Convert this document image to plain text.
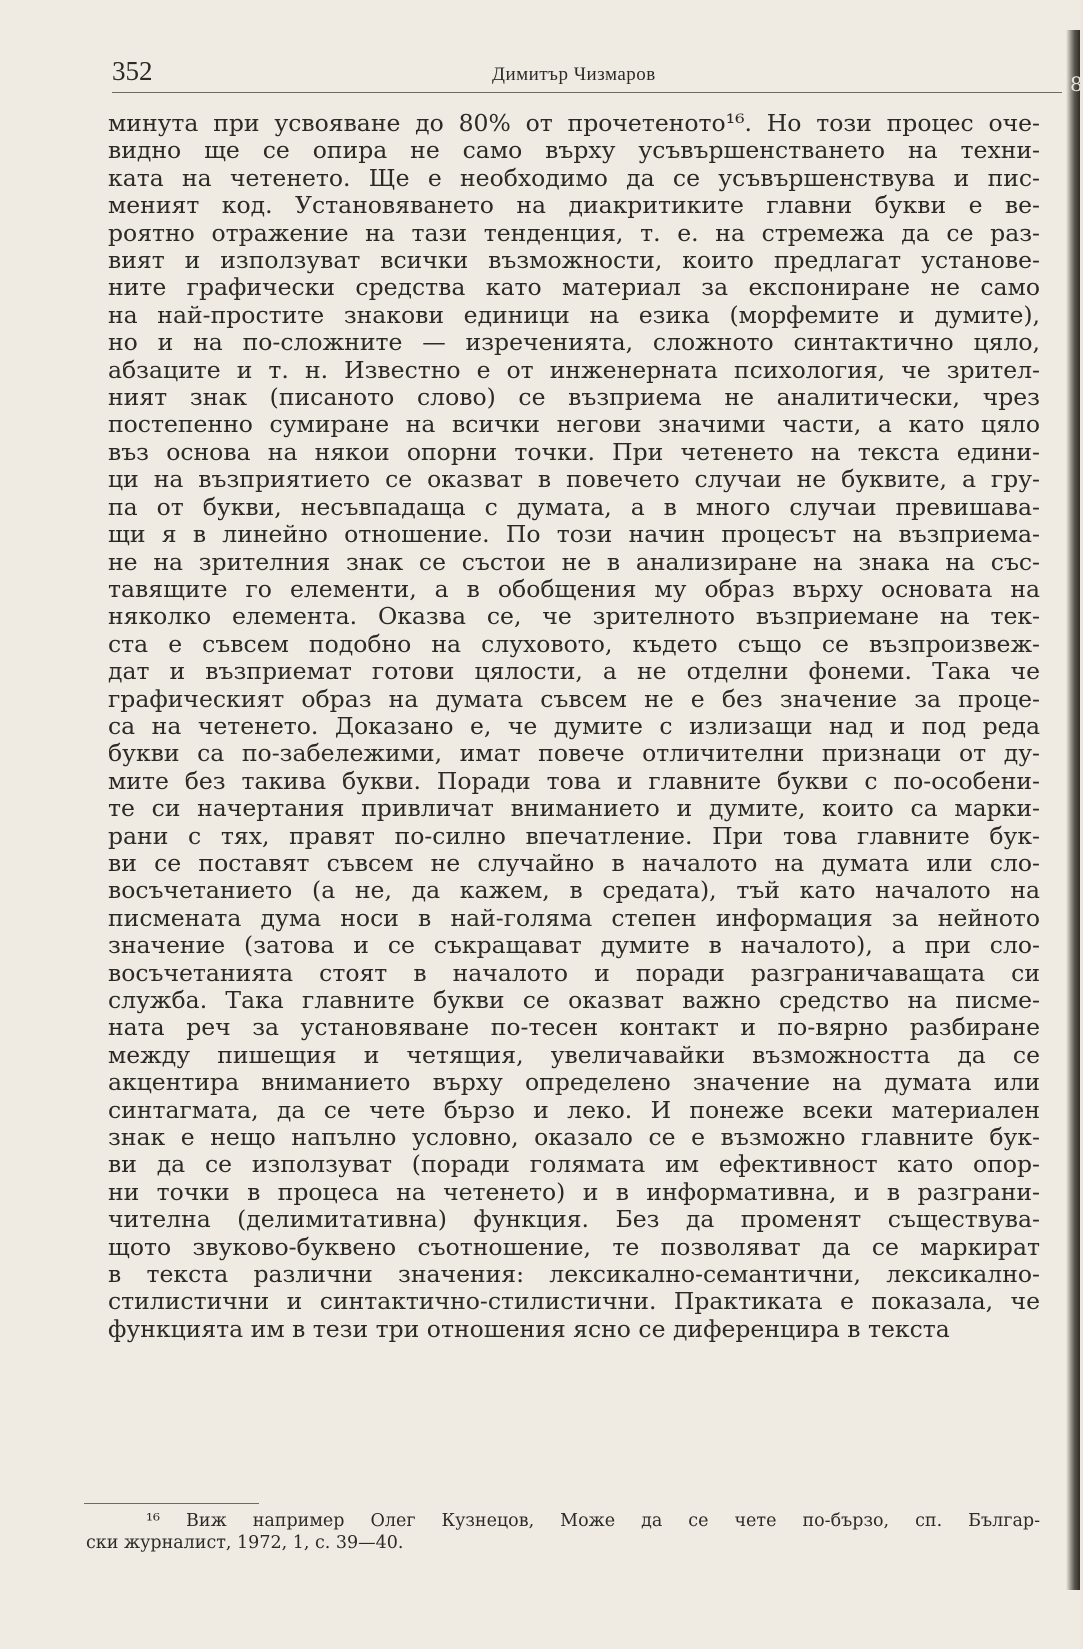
8
352	Димитър Чизмаров
минута при усвояване до 80% от прочетеното¹⁶. Но този процес оче-
видно ще се опира не само върху усъвършенстването на техни-
ката на четенето. Ще е необходимо да се усъвършенствува и пис-
меният код. Установяването на диакритиките главни букви е ве-
роятно отражение на тази тенденция, т. е. на стремежа да се раз-
вият и използуват всички възможности, които предлагат установе-
ните графически средства като материал за експониране не само
на най-простите знакови единици на езика (морфемите и думите),
но и на по-сложните — изреченията, сложното синтактично цяло,
абзаците и т. н. Известно е от инженерната психология, че зрител-
ният знак (писаното слово) се възприема не аналитически, чрез
постепенно сумиране на всички негови значими части, а като цяло
въз основа на някои опорни точки. При четенето на текста едини-
ци на възприятието се оказват в повечето случаи не буквите, а гру-
па от букви, несъвпадаща с думата, а в много случаи превишава-
щи я в линейно отношение. По този начин процесът на възприема-
не на зрителния знак се състои не в анализиране на знака на със-
тавящите го елементи, а в обобщения му образ върху основата на
няколко елемента. Оказва се, че зрителното възприемане на тек-
ста е съвсем подобно на слуховото, където също се възпроизвеж-
дат и възприемат готови цялости, а не отделни фонеми. Така че
графическият образ на думата съвсем не е без значение за проце-
са на четенето. Доказано е, че думите с излизащи над и под реда
букви са по-забележими, имат повече отличителни признаци от ду-
мите без такива букви. Поради това и главните букви с по-особени-
те си начертания привличат вниманието и думите, които са марки-
рани с тях, правят по-силно впечатление. При това главните бук-
ви се поставят съвсем не случайно в началото на думата или сло-
восъчетанието (а не, да кажем, в средата), тъй като началото на
писмената дума носи в най-голяма степен информация за нейното
значение (затова и се съкращават думите в началото), а при сло-
восъчетанията стоят в началото и поради разграничаващата си
служба. Така главните букви се оказват важно средство на писме-
ната реч за установяване по-тесен контакт и по-вярно разбиране
между пишещия и четящия, увеличавайки възможността да се
акцентира вниманието върху определено значение на думата или
синтагмата, да се чете бързо и леко. И понеже всеки материален
знак е нещо напълно условно, оказало се е възможно главните бук-
ви да се използуват (поради голямата им ефективност като опор-
ни точки в процеса на четенето) и в информативна, и в разграни-
чителна (делимитативна) функция. Без да променят съществува-
щото звуково-буквено съотношение, те позволяват да се маркират
в текста различни значения: лексикално-семантични, лексикално-
стилистични и синтактично-стилистични. Практиката е показала, че
функцията им в тези три отношения ясно се диференцира в текста
¹⁶ Виж например Олег Кузнецов, Може да се чете по-бързо, сп. Българ-
ски журналист, 1972, 1, с. 39—40.
